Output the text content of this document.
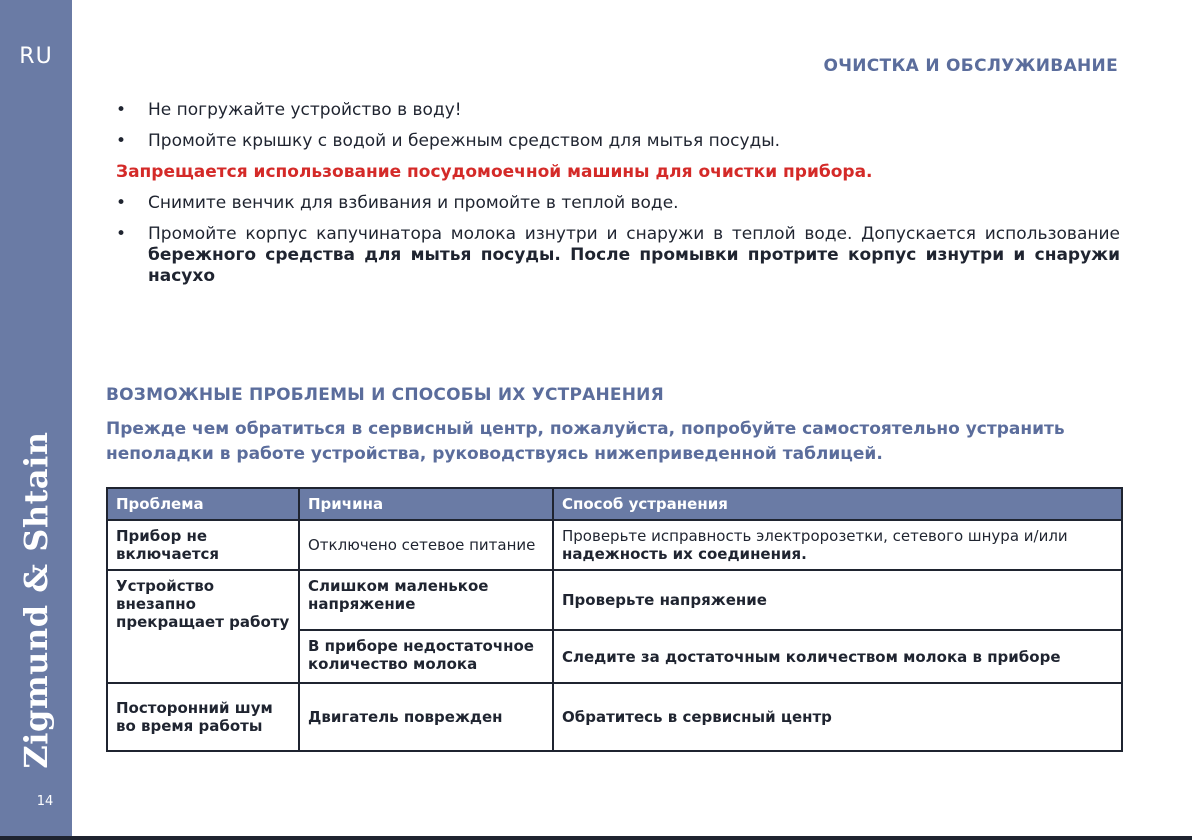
RU
Zigmund & Shtain
14
ОЧИСТКА И ОБСЛУЖИВАНИЕ
• Не погружайте устройство в воду!
• Промойте крышку с водой и бережным средством для мытья посуды.
Запрещается использование посудомоечной машины для очистки прибора.
• Снимите венчик для взбивания и промойте в теплой воде.
• Промойте корпус капучинатора молока изнутри и снаружи в теплой воде. Допускается использование бережного средства для мытья посуды. После промывки протрите корпус изнутри и снаружи насухо
ВОЗМОЖНЫЕ ПРОБЛЕМЫ И СПОСОБЫ ИХ УСТРАНЕНИЯ
Прежде чем обратиться в сервисный центр, пожалуйста, попробуйте самостоятельно устранить неполадки в работе устройства, руководствуясь нижеприведенной таблицей.
Проблема	Причина	Способ устранения
Прибор не включается	Отключено сетевое питание	Проверьте исправность электророзетки, сетевого шнура и/или
надежность их соединения.
Устройство внезапно прекращает работу	Слишком маленькое напряжение	Проверьте напряжение
	В приборе недостаточное количество молока	Следите за достаточным количеством молока в приборе
Посторонний шум во время работы	Двигатель поврежден	Обратитесь в сервисный центр
